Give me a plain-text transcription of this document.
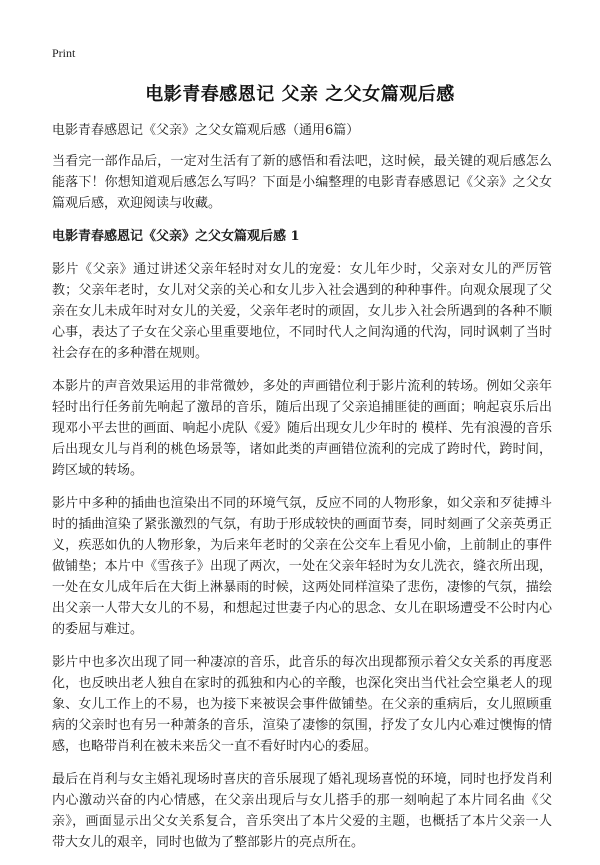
Print
电影青春感恩记 父亲 之父女篇观后感

电影青春感恩记《父亲》之父女篇观后感（通用6篇）

当看完一部作品后，一定对生活有了新的感悟和看法吧，这时候，最关键的观后感怎么能落下！你想知道观后感怎么写吗？下面是小编整理的电影青春感恩记《父亲》之父女篇观后感，欢迎阅读与收藏。

电影青春感恩记《父亲》之父女篇观后感 1

影片《父亲》通过讲述父亲年轻时对女儿的宠爱：女儿年少时，父亲对女儿的严厉管教；父亲年老时，女儿对父亲的关心和女儿步入社会遇到的种种事件。向观众展现了父亲在女儿未成年时对女儿的关爱，父亲年老时的顽固，女儿步入社会所遇到的各种不顺心事，表达了子女在父亲心里重要地位，不同时代人之间沟通的代沟，同时讽刺了当时社会存在的多种潜在规则。

本影片的声音效果运用的非常微妙，多处的声画错位利于影片流利的转场。例如父亲年轻时出行任务前先响起了激昂的音乐，随后出现了父亲追捕匪徒的画面；响起哀乐后出现邓小平去世的画面、响起小虎队《爱》随后出现女儿少年时的 模样、先有浪漫的音乐后出现女儿与肖利的桃色场景等，诸如此类的声画错位流利的完成了跨时代，跨时间，跨区域的转场。

影片中多种的插曲也渲染出不同的环境气氛，反应不同的人物形象，如父亲和歹徒搏斗时的插曲渲染了紧张激烈的气氛，有助于形成较快的画面节奏，同时刻画了父亲英勇正义，疾恶如仇的人物形象，为后来年老时的父亲在公交车上看见小偷，上前制止的事件做铺垫；本片中《雪孩子》出现了两次，一处在父亲年轻时为女儿洗衣，缝衣所出现，一处在女儿成年后在大街上淋暴雨的时候，这两处同样渲染了悲伤，凄惨的气氛，描绘出父亲一人带大女儿的不易，和想起过世妻子内心的思念、女儿在职场遭受不公时内心的委屈与难过。

影片中也多次出现了同一种凄凉的音乐，此音乐的每次出现都预示着父女关系的再度恶化，也反映出老人独自在家时的孤独和内心的辛酸，也深化突出当代社会空巢老人的现象、女儿工作上的不易，也为接下来被误会事件做铺垫。在父亲的重病后，女儿照顾重病的父亲时也有另一种萧条的音乐，渲染了凄惨的氛围，抒发了女儿内心难过懊悔的情感，也略带肖利在被未来岳父一直不看好时内心的委屈。

最后在肖利与女主婚礼现场时喜庆的音乐展现了婚礼现场喜悦的环境，同时也抒发肖利内心激动兴奋的内心情感，在父亲出现后与女儿搭手的那一刻响起了本片同名曲《父亲》，画面显示出父女关系复合，音乐突出了本片父爱的主题，也概括了本片父亲一人带大女儿的艰辛，同时也做为了整部影片的亮点所在。
